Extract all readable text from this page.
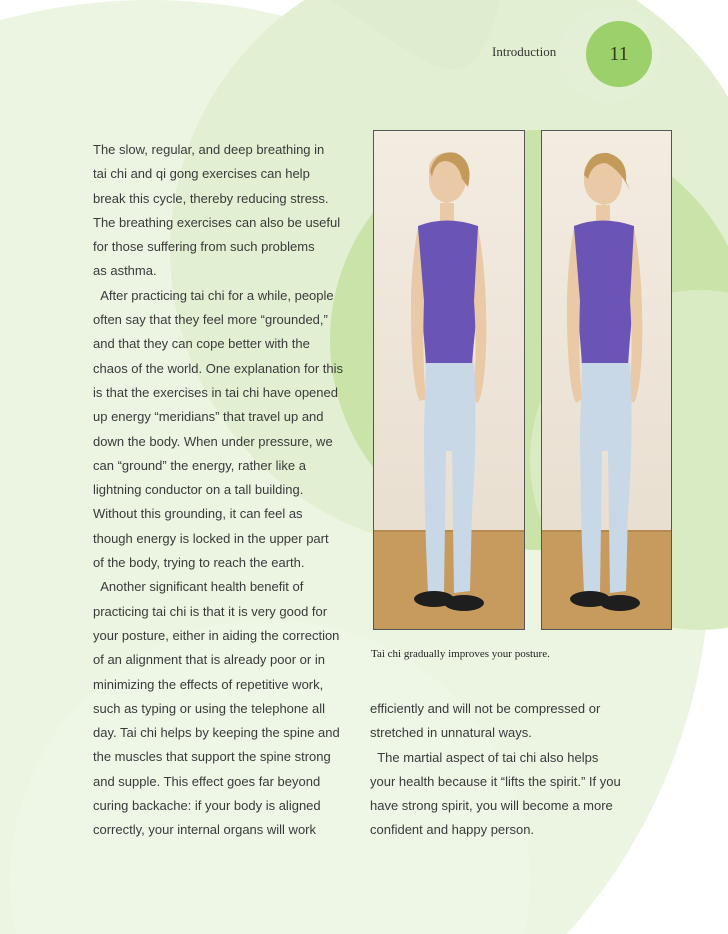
Introduction	11

The slow, regular, and deep breathing in

tai chi and qi gong exercises can help

break this cycle, thereby reducing stress.

The breathing exercises can also be useful

for those suffering from such problems

as asthma.

After practicing tai chi for a while, people

often say that they feel more “grounded,”

and that they can cope better with the

chaos of the world. One explanation for this

is that the exercises in tai chi have opened

up energy “meridians” that travel up and

down the body. When under pressure, we

can “ground” the energy, rather like a

lightning conductor on a tall building.

Without this grounding, it can feel as

though energy is locked in the upper part

of the body, trying to reach the earth.

Another significant health benefit of

practicing tai chi is that it is very good for

your posture, either in aiding the correction

of an alignment that is already poor or in

minimizing the effects of repetitive work,

such as typing or using the telephone all

day. Tai chi helps by keeping the spine and

the muscles that support the spine strong

and supple. This effect goes far beyond

curing backache: if your body is aligned

correctly, your internal organs will work

Tai chi gradually improves your posture.

efficiently and will not be compressed or

stretched in unnatural ways.

The martial aspect of tai chi also helps

your health because it “lifts the spirit.” If you

have strong spirit, you will become a more

confident and happy person.
